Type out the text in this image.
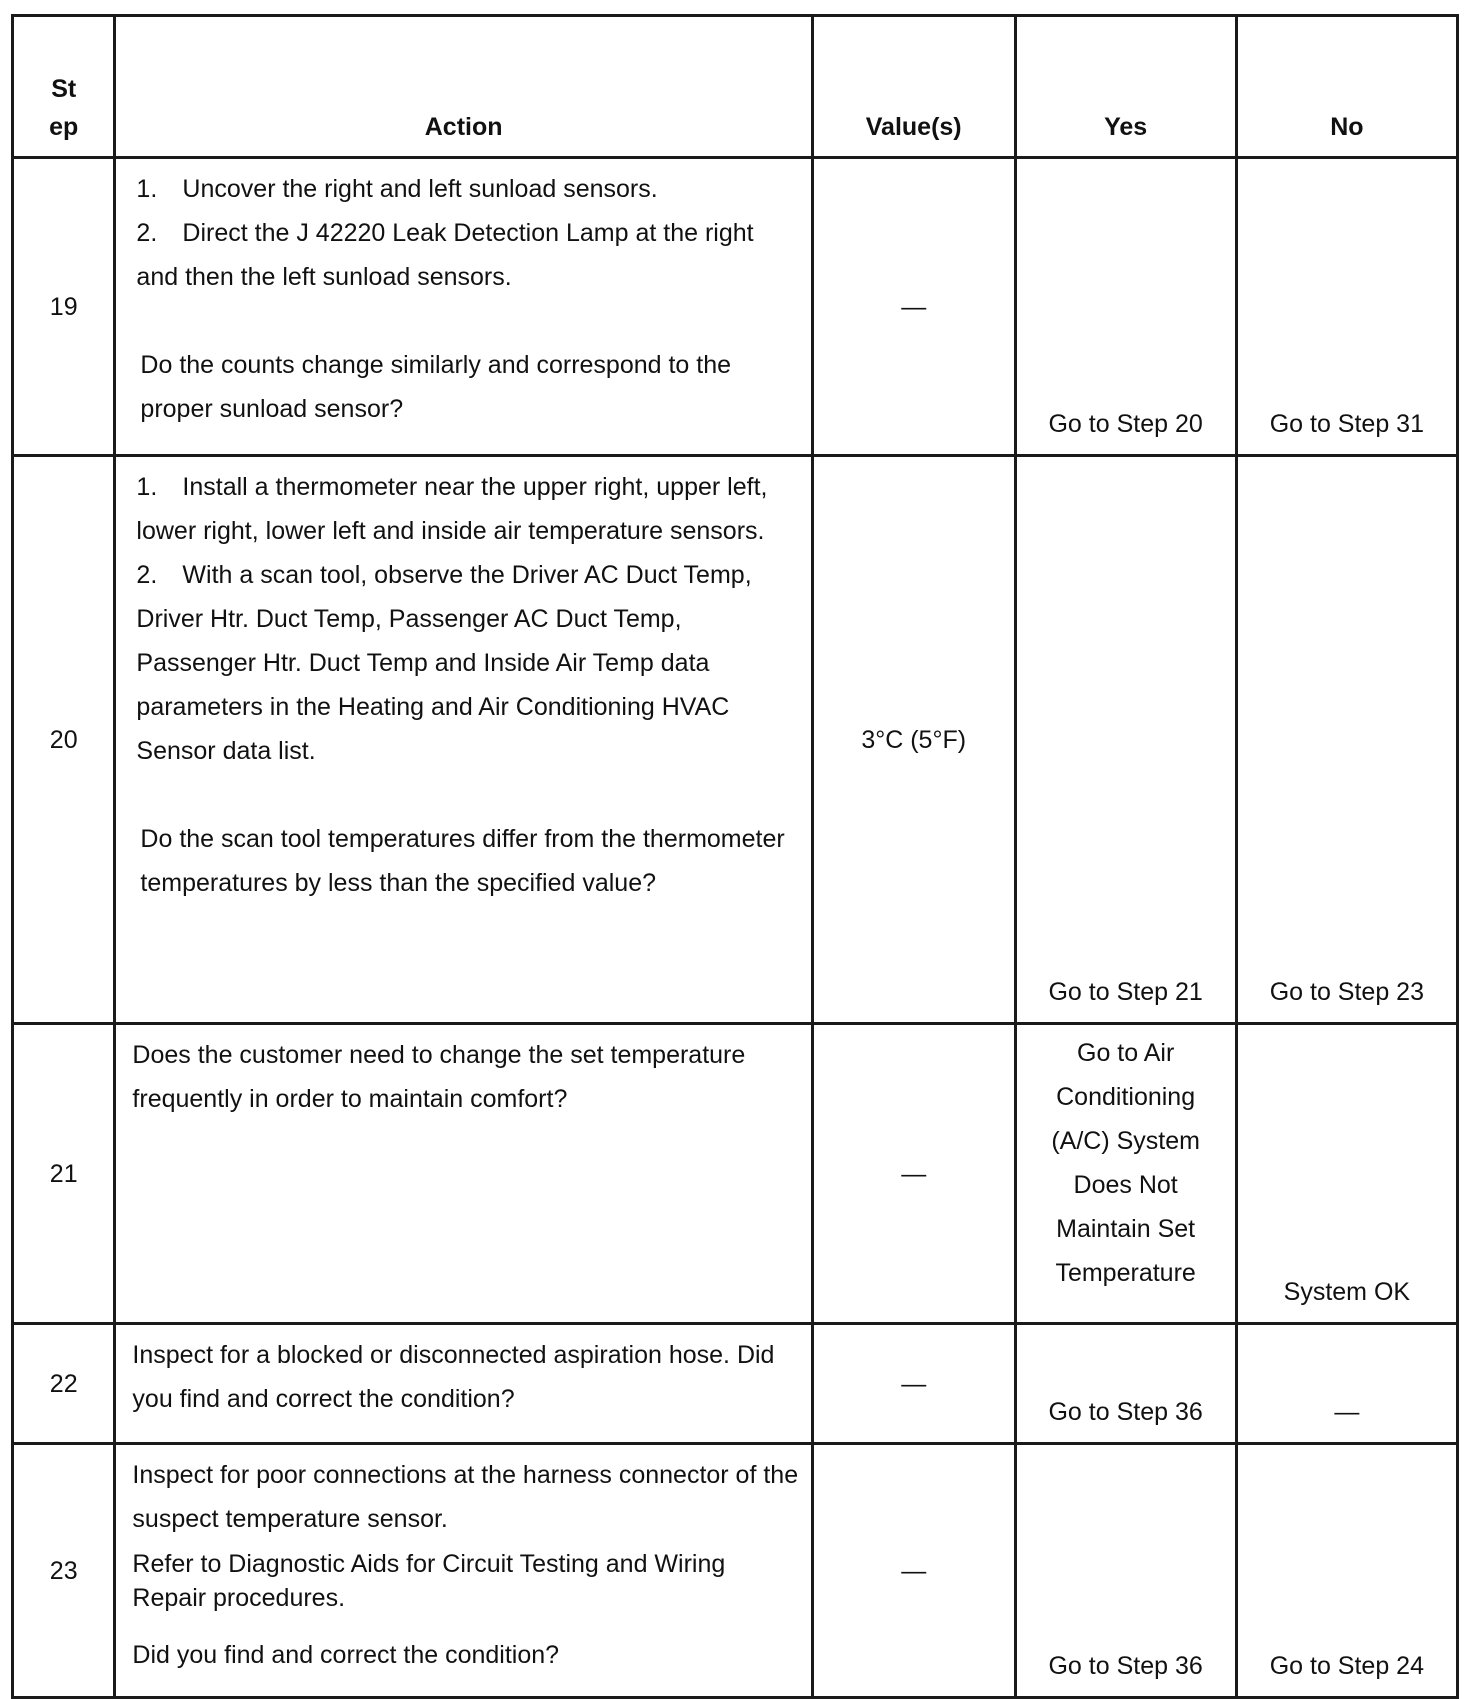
St
ep	Action	Value(s)	Yes	No
19	1. Uncover the right and left sunload sensors.
2. Direct the J 42220 Leak Detection Lamp at the right and then the left sunload sensors.
Do the counts change similarly and correspond to the proper sunload sensor?	—	Go to Step 20	Go to Step 31
20	1. Install a thermometer near the upper right, upper left, lower right, lower left and inside air temperature sensors.
2. With a scan tool, observe the Driver AC Duct Temp, Driver Htr. Duct Temp, Passenger AC Duct Temp, Passenger Htr. Duct Temp and Inside Air Temp data parameters in the Heating and Air Conditioning HVAC Sensor data list.
Do the scan tool temperatures differ from the thermometer temperatures by less than the specified value?	3°C (5°F)	Go to Step 21	Go to Step 23
21	Does the customer need to change the set temperature frequently in order to maintain comfort?	—	Go to Air Conditioning (A/C) System Does Not Maintain Set Temperature	System OK
22	Inspect for a blocked or disconnected aspiration hose. Did you find and correct the condition?	—	Go to Step 36	—
23	Inspect for poor connections at the harness connector of the suspect temperature sensor.
Refer to Diagnostic Aids for Circuit Testing and Wiring Repair procedures.
Did you find and correct the condition?	—	Go to Step 36	Go to Step 24
